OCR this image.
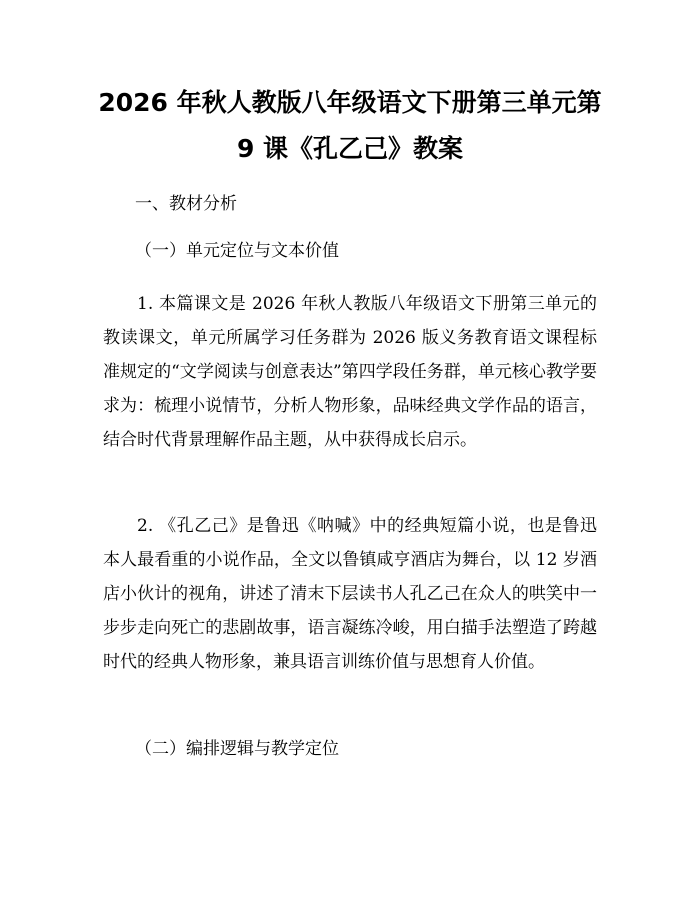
2026 年秋人教版八年级语文下册第三单元第
9 课《孔乙己》教案
一、教材分析
（一）单元定位与文本价值

1. 本篇课文是 2026 年秋人教版八年级语文下册第三单元的教读课文，单元所属学习任务群为 2026 版义务教育语文课程标准规定的“文学阅读与创意表达”第四学段任务群，单元核心教学要求为：梳理小说情节，分析人物形象，品味经典文学作品的语言，结合时代背景理解作品主题，从中获得成长启示。

2. 《孔乙己》是鲁迅《呐喊》中的经典短篇小说，也是鲁迅本人最看重的小说作品，全文以鲁镇咸亨酒店为舞台，以 12 岁酒店小伙计的视角，讲述了清末下层读书人孔乙己在众人的哄笑中一步步走向死亡的悲剧故事，语言凝练冷峻，用白描手法塑造了跨越时代的经典人物形象，兼具语言训练价值与思想育人价值。

（二）编排逻辑与教学定位
